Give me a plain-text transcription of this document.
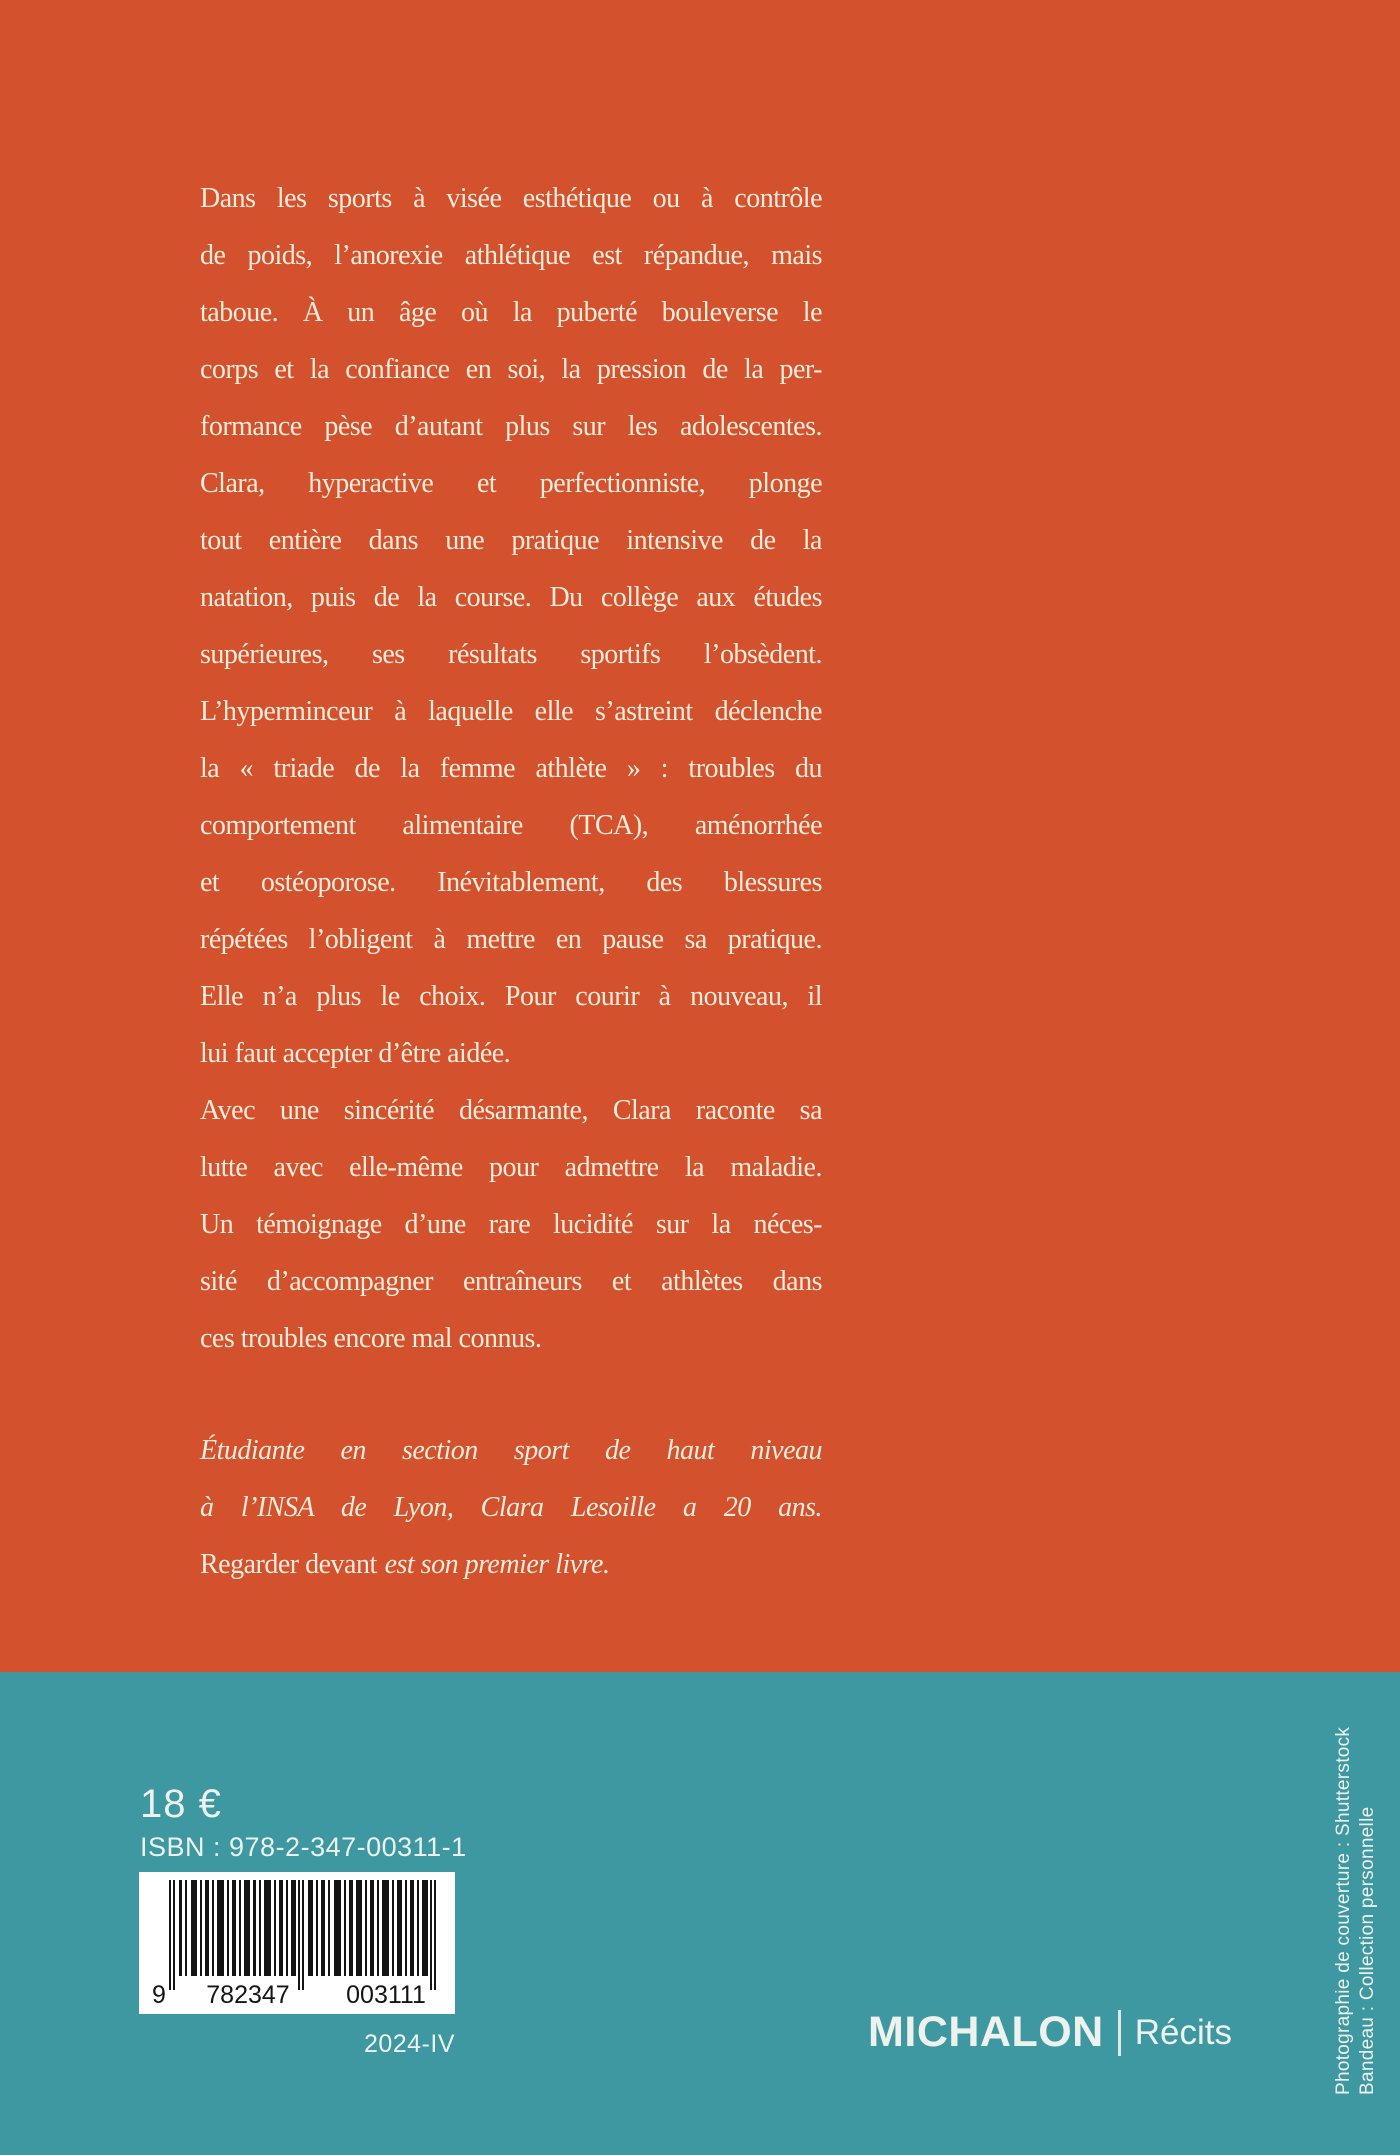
Dans les sports à visée esthétique ou à contrôle
de poids, l’anorexie athlétique est répandue, mais
taboue. À un âge où la puberté bouleverse le
corps et la confiance en soi, la pression de la per-
formance pèse d’autant plus sur les adolescentes.
Clara, hyperactive et perfectionniste, plonge
tout entière dans une pratique intensive de la
natation, puis de la course. Du collège aux études
supérieures, ses résultats sportifs l’obsèdent.
L’hyperminceur à laquelle elle s’astreint déclenche
la « triade de la femme athlète » : troubles du
comportement alimentaire (TCA), aménorrhée
et ostéoporose. Inévitablement, des blessures
répétées l’obligent à mettre en pause sa pratique.
Elle n’a plus le choix. Pour courir à nouveau, il
lui faut accepter d’être aidée.
Avec une sincérité désarmante, Clara raconte sa
lutte avec elle-même pour admettre la maladie.
Un témoignage d’une rare lucidité sur la néces-
sité d’accompagner entraîneurs et athlètes dans
ces troubles encore mal connus.
Étudiante en section sport de haut niveau
à l’INSA de Lyon, Clara Lesoille a 20 ans.
Regarder devant est son premier livre.
18 €
ISBN : 978-2-347-00311-1
9	782347	003111
2024-IV	MICHALON Récits	Photographie de couverture : Shutterstock Bandeau : Collection personnelle
